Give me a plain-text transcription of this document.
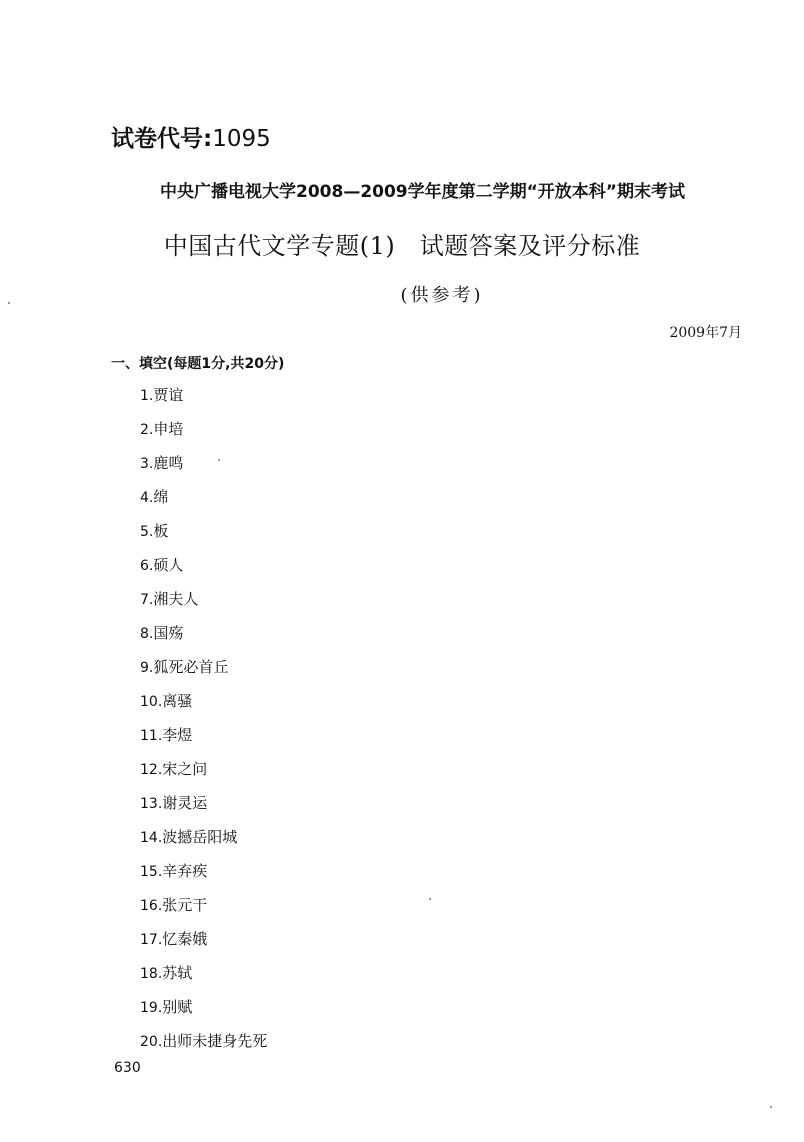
试卷代号:1095
中央广播电视大学2008—2009学年度第二学期“开放本科”期末考试
中国古代文学专题(1)　试题答案及评分标准
(供参考)
2009年7月
一、填空(每题1分,共20分)
1.贾谊
2.申培
3.鹿鸣
4.绵
5.板
6.硕人
7.湘夫人
8.国殇
9.狐死必首丘
10.离骚
11.李煜
12.宋之问
13.谢灵运
14.波撼岳阳城
15.辛弃疾
16.张元干
17.忆秦娥
18.苏轼
19.别赋
20.出师未捷身先死
630
